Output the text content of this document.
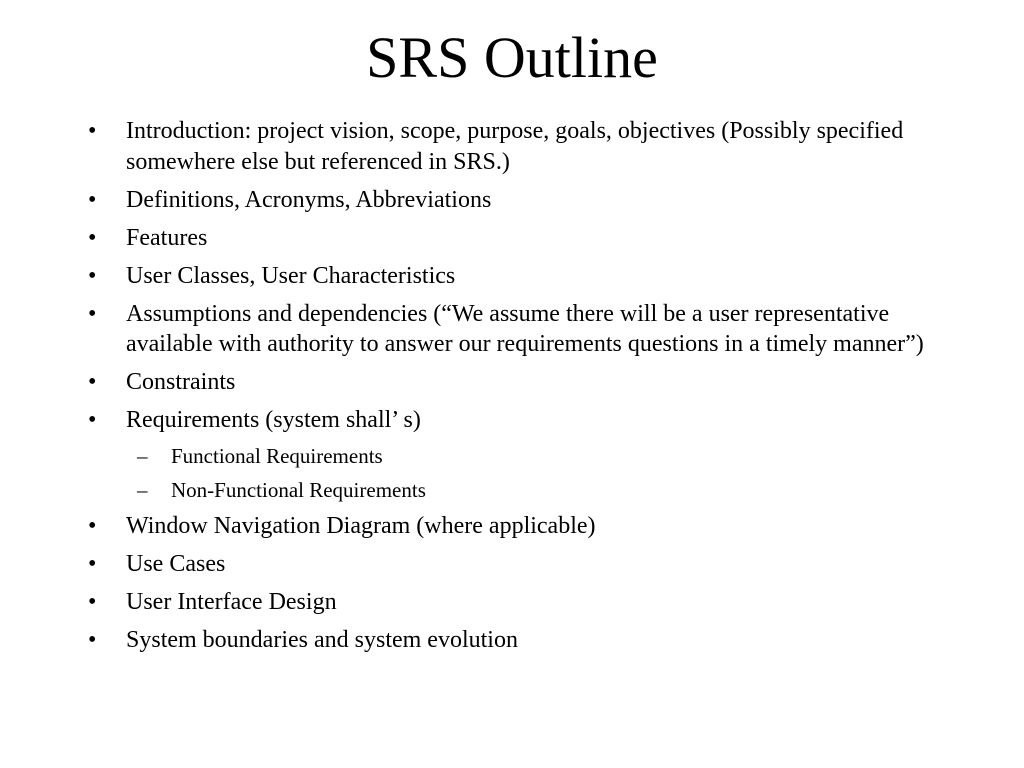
SRS Outline
• Introduction: project vision, scope, purpose, goals, objectives (Possibly specified somewhere else but referenced in SRS.)
• Definitions, Acronyms, Abbreviations
• Features
• User Classes, User Characteristics
• Assumptions and dependencies (“We assume there will be a user representative available with authority to answer our requirements questions in a timely manner”)
• Constraints
• Requirements (system shall’ s)
– Functional Requirements
– Non-Functional Requirements
• Window Navigation Diagram (where applicable)
• Use Cases
• User Interface Design
• System boundaries and system evolution
